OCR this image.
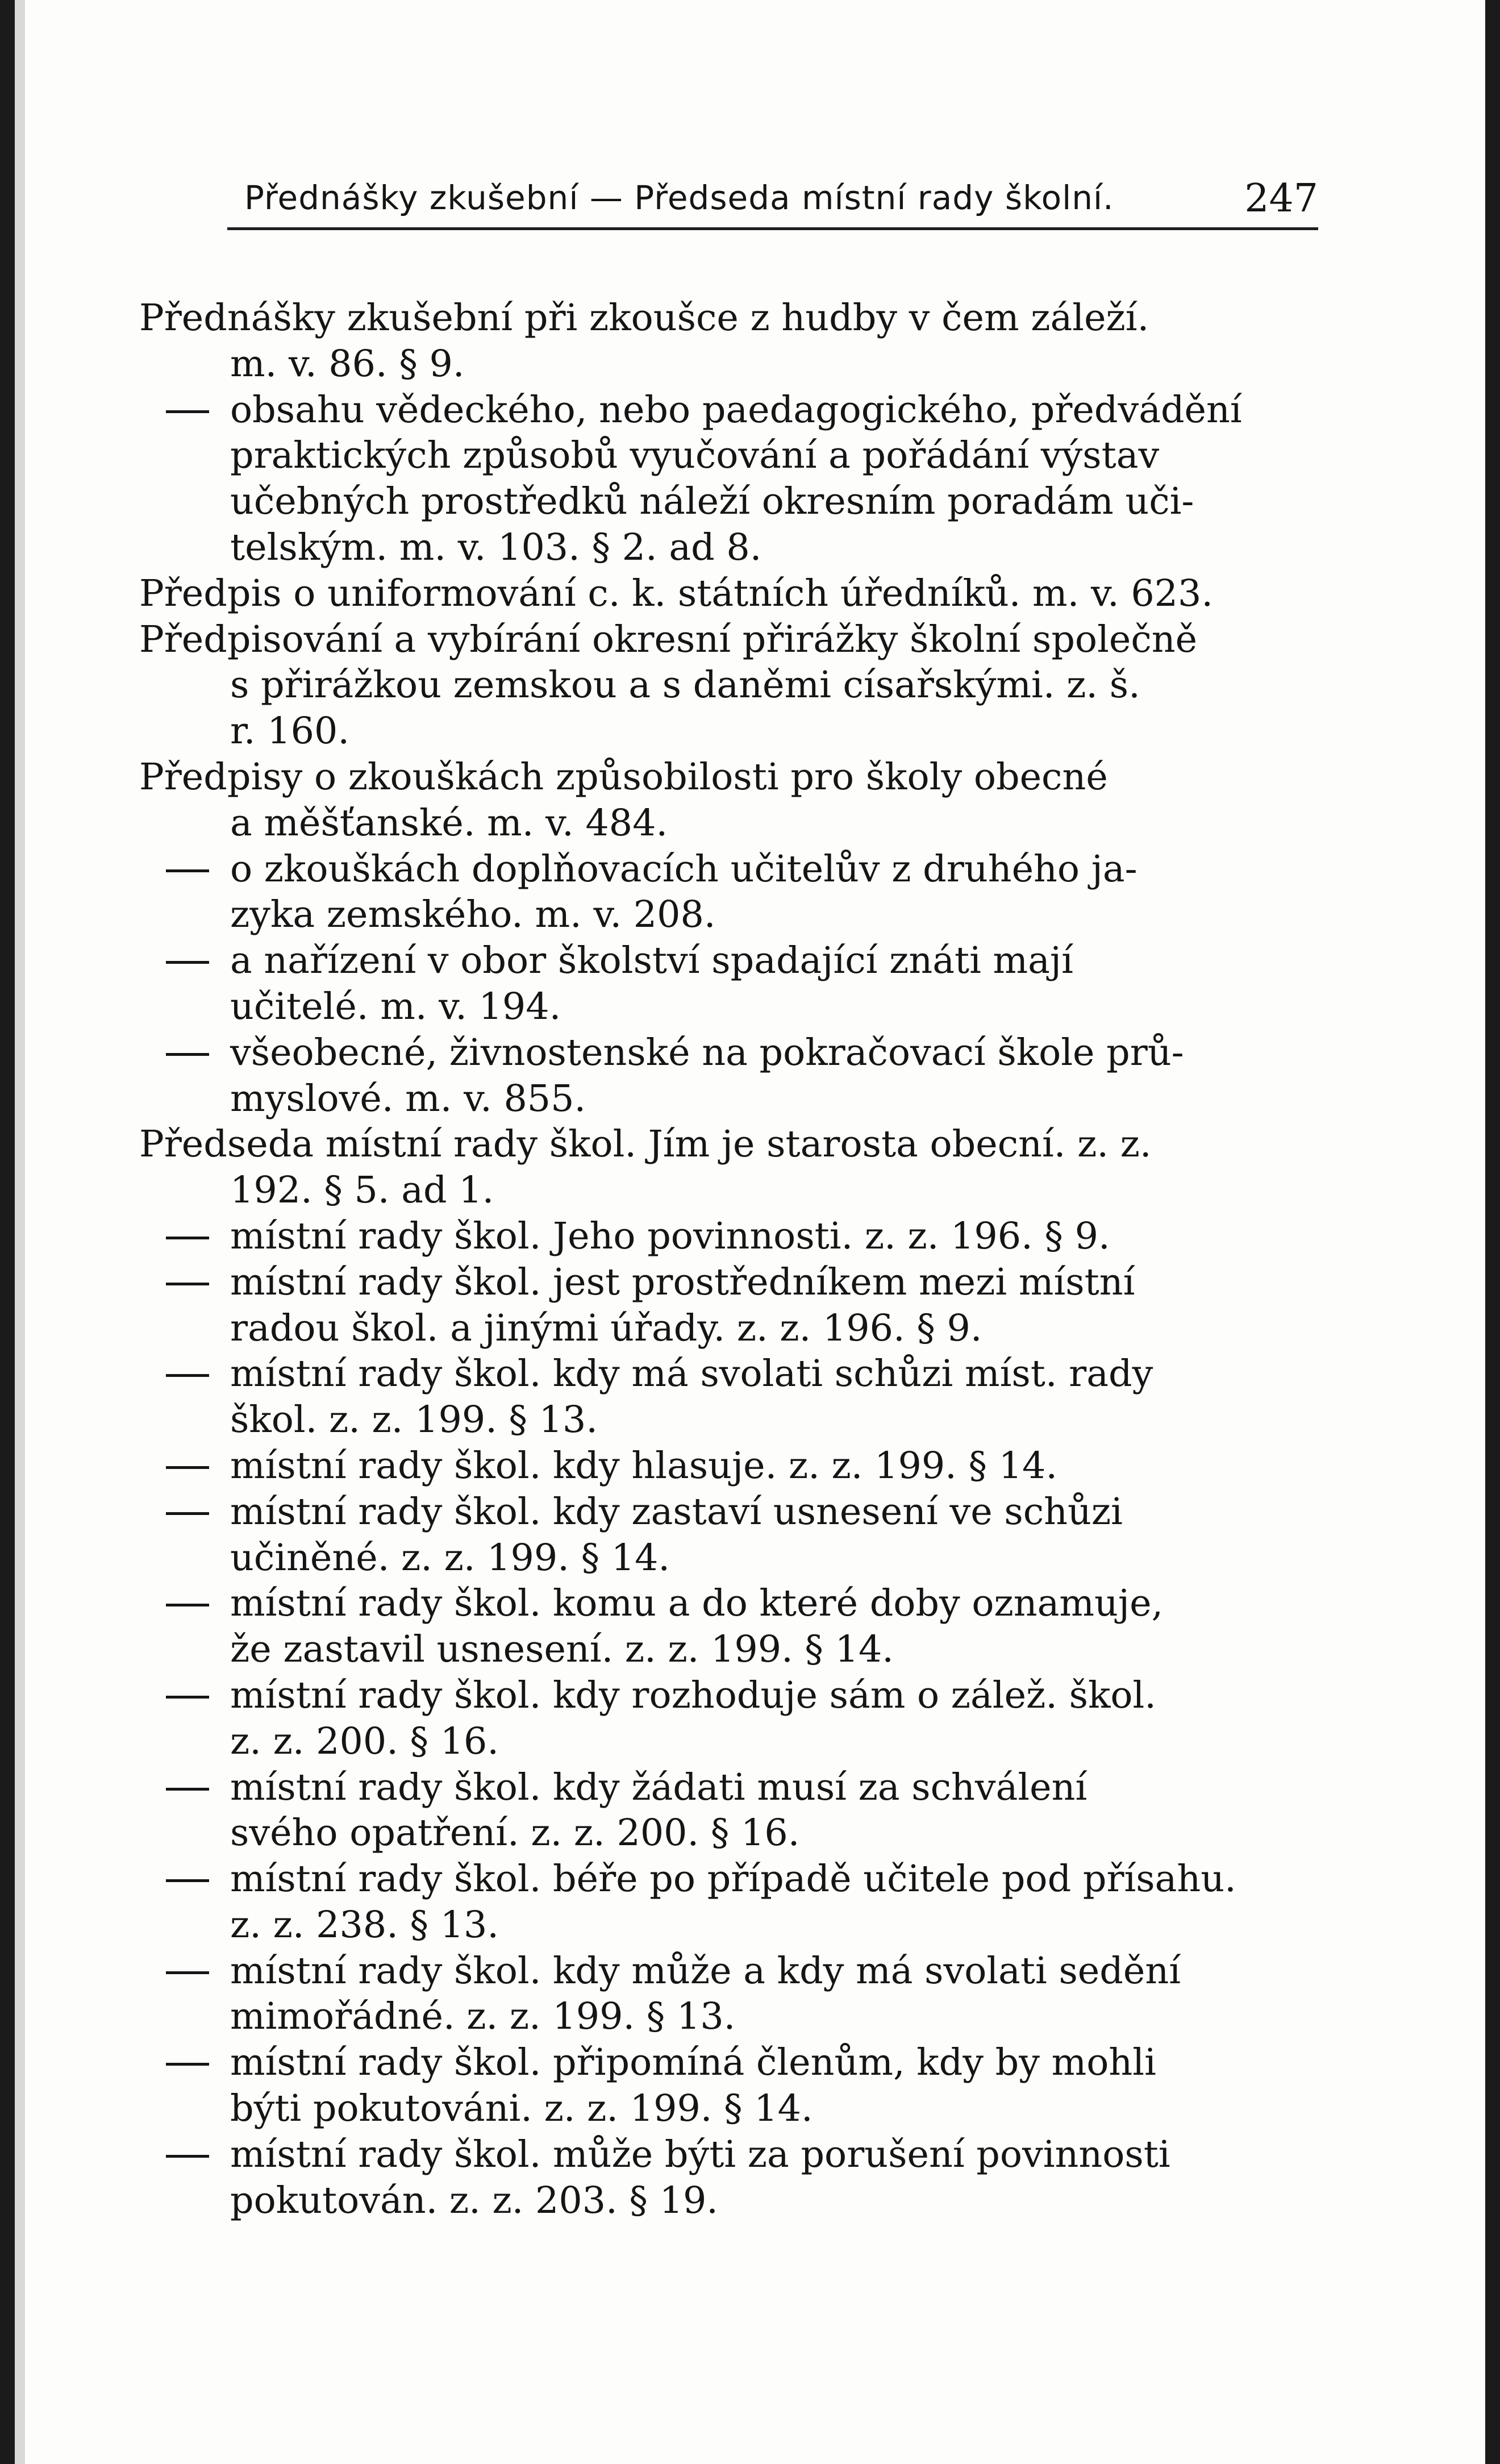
Přednášky zkušební — Předseda místní rady školní.	247
Přednášky zkušební při zkoušce z hudby v čem záleží.
m. v. 86. § 9.
obsahu vědeckého, nebo paedagogického, předvádění
praktických způsobů vyučování a pořádání výstav
učebných prostředků náleží okresním poradám uči-
telským. m. v. 103. § 2. ad 8.
Předpis o uniformování c. k. státních úředníků. m. v. 623.
Předpisování a vybírání okresní přirážky školní společně
s přirážkou zemskou a s daněmi císařskými. z. š.
r. 160.
Předpisy o zkouškách způsobilosti pro školy obecné
a měšťanské. m. v. 484.
o zkouškách doplňovacích učitelův z druhého ja-
zyka zemského. m. v. 208.
a nařízení v obor školství spadající znáti mají
učitelé. m. v. 194.
všeobecné, živnostenské na pokračovací škole prů-
myslové. m. v. 855.
Předseda místní rady škol. Jím je starosta obecní. z. z.
192. § 5. ad 1.
místní rady škol. Jeho povinnosti. z. z. 196. § 9.
místní rady škol. jest prostředníkem mezi místní
radou škol. a jinými úřady. z. z. 196. § 9.
místní rady škol. kdy má svolati schůzi míst. rady
škol. z. z. 199. § 13.
místní rady škol. kdy hlasuje. z. z. 199. § 14.
místní rady škol. kdy zastaví usnesení ve schůzi
učiněné. z. z. 199. § 14.
místní rady škol. komu a do které doby oznamuje,
že zastavil usnesení. z. z. 199. § 14.
místní rady škol. kdy rozhoduje sám o zálež. škol.
z. z. 200. § 16.
místní rady škol. kdy žádati musí za schválení
svého opatření. z. z. 200. § 16.
místní rady škol. béře po případě učitele pod přísahu.
z. z. 238. § 13.
místní rady škol. kdy může a kdy má svolati sedění
mimořádné. z. z. 199. § 13.
místní rady škol. připomíná členům, kdy by mohli
býti pokutováni. z. z. 199. § 14.
místní rady škol. může býti za porušení povinnosti
pokutován. z. z. 203. § 19.
